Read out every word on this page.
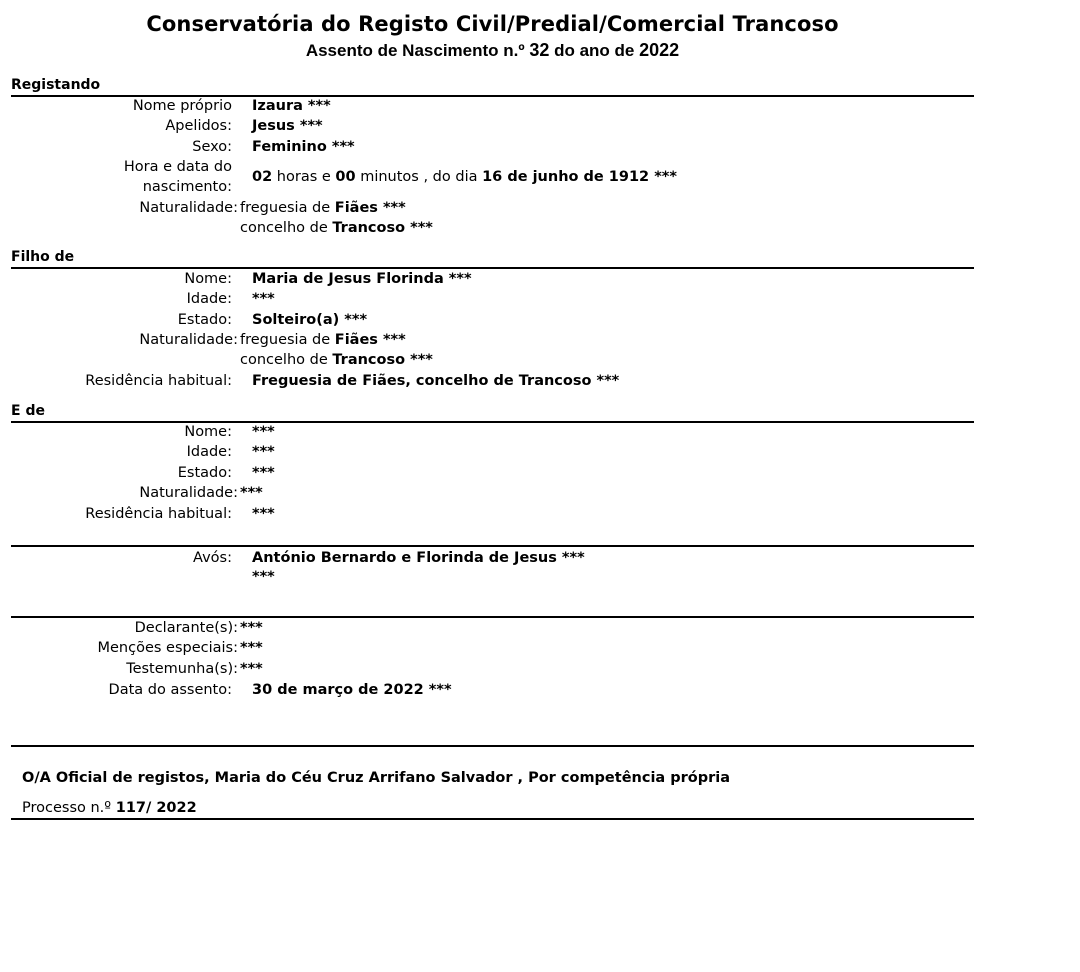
Conservatória do Registo Civil/Predial/Comercial Trancoso
Assento de Nascimento n.º 32 do ano de 2022
Registando
Nome próprio Izaura ***
Apelidos: Jesus ***
Sexo: Feminino ***
Hora e data do
nascimento:
02 horas e 00 minutos , do dia 16 de junho de 1912 ***
Naturalidade: freguesia de Fiães ***
concelho de Trancoso ***
Filho de
Nome: Maria de Jesus Florinda ***
Idade: ***
Estado: Solteiro(a) ***
Naturalidade: freguesia de Fiães ***
concelho de Trancoso ***
Residência habitual: Freguesia de Fiães, concelho de Trancoso ***
E de
Nome: ***
Idade: ***
Estado: ***
Naturalidade: ***
Residência habitual: ***
Avós: António Bernardo e Florinda de Jesus ***
***
Declarante(s): ***
Menções especiais: ***
Testemunha(s): ***
Data do assento: 30 de março de 2022 ***
O/A Oficial de registos, Maria do Céu Cruz Arrifano Salvador , Por competência própria
Processo n.º 117/ 2022
